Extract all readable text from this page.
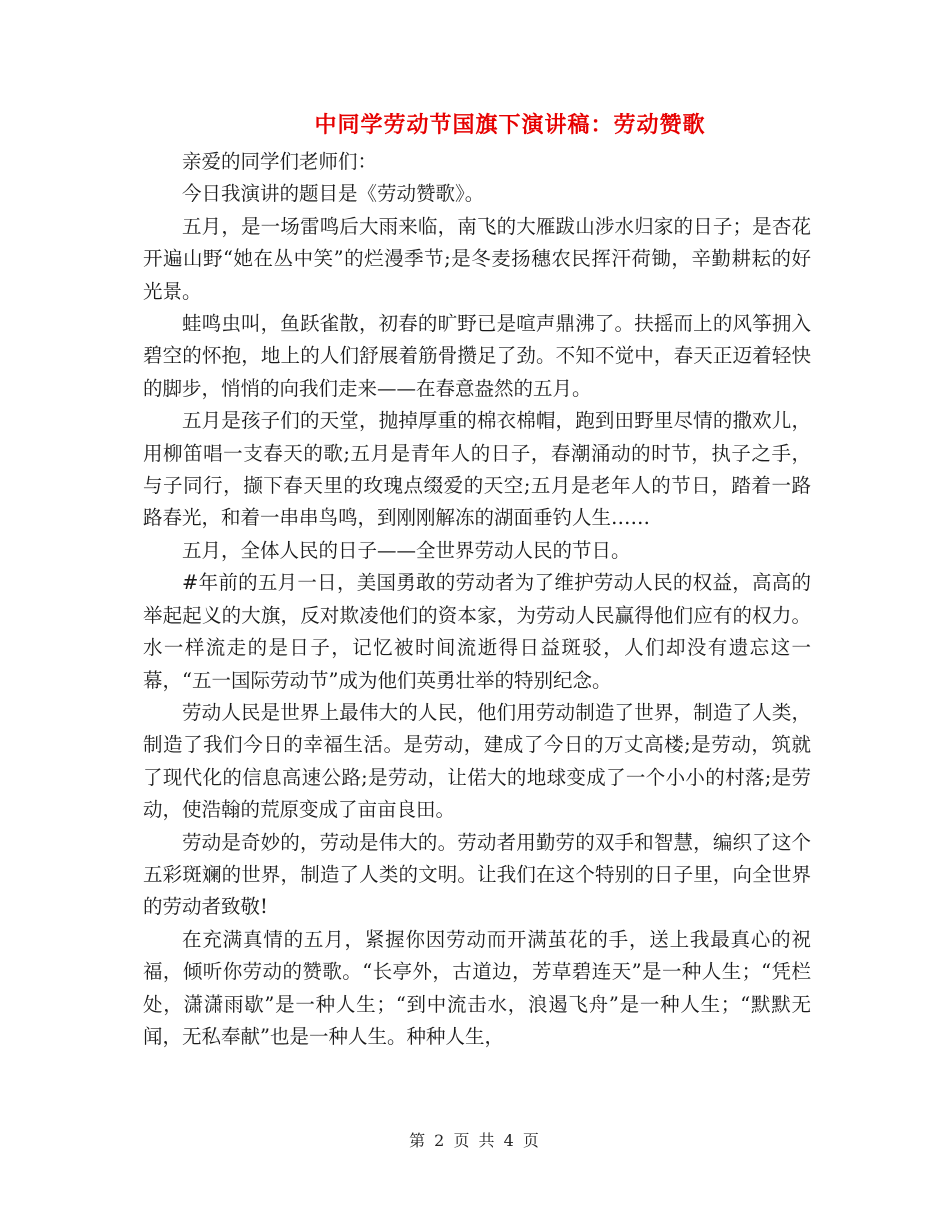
中同学劳动节国旗下演讲稿：劳动赞歌

亲爱的同学们老师们：

今日我演讲的题目是《劳动赞歌》。

五月，是一场雷鸣后大雨来临，南飞的大雁跋山涉水归家的日子；是杏花开遍山野“她在丛中笑”的烂漫季节;是冬麦扬穗农民挥汗荷锄，辛勤耕耘的好光景。

蛙鸣虫叫，鱼跃雀散，初春的旷野已是喧声鼎沸了。扶摇而上的风筝拥入碧空的怀抱，地上的人们舒展着筋骨攒足了劲。不知不觉中，春天正迈着轻快的脚步，悄悄的向我们走来——在春意盎然的五月。

五月是孩子们的天堂，抛掉厚重的棉衣棉帽，跑到田野里尽情的撒欢儿，用柳笛唱一支春天的歌;五月是青年人的日子，春潮涌动的时节，执子之手，与子同行，撷下春天里的玫瑰点缀爱的天空;五月是老年人的节日，踏着一路路春光，和着一串串鸟鸣，到刚刚解冻的湖面垂钓人生……

五月，全体人民的日子——全世界劳动人民的节日。

#年前的五月一日，美国勇敢的劳动者为了维护劳动人民的权益，高高的举起起义的大旗，反对欺凌他们的资本家，为劳动人民赢得他们应有的权力。水一样流走的是日子，记忆被时间流逝得日益斑驳，人们却没有遗忘这一幕，“五一国际劳动节”成为他们英勇壮举的特别纪念。

劳动人民是世界上最伟大的人民，他们用劳动制造了世界，制造了人类，制造了我们今日的幸福生活。是劳动，建成了今日的万丈高楼;是劳动，筑就了现代化的信息高速公路;是劳动，让偌大的地球变成了一个小小的村落;是劳动，使浩翰的荒原变成了亩亩良田。

劳动是奇妙的，劳动是伟大的。劳动者用勤劳的双手和智慧，编织了这个五彩斑斓的世界，制造了人类的文明。让我们在这个特别的日子里，向全世界的劳动者致敬!

在充满真情的五月，紧握你因劳动而开满茧花的手，送上我最真心的祝福，倾听你劳动的赞歌。“长亭外，古道边，芳草碧连天”是一种人生；“凭栏处，潇潇雨歇”是一种人生；“到中流击水，浪遏飞舟”是一种人生；“默默无闻，无私奉献”也是一种人生。种种人生，

第 2 页 共 4 页
